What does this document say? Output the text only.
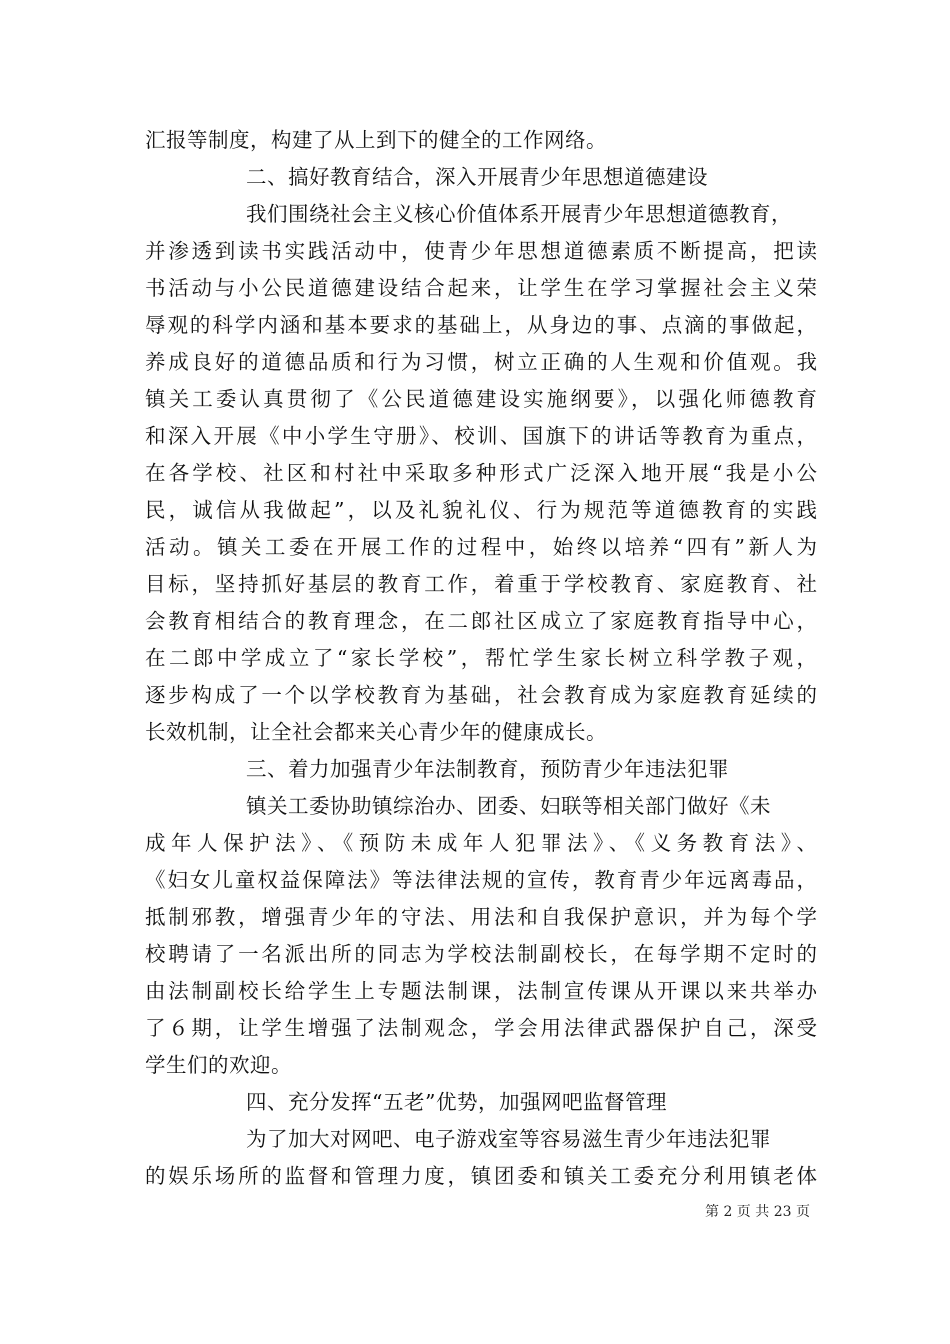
汇报等制度，构建了从上到下的健全的工作网络。
二、搞好教育结合，深入开展青少年思想道德建设
我们围绕社会主义核心价值体系开展青少年思想道德教育，
并渗透到读书实践活动中，使青少年思想道德素质不断提高，把读
书活动与小公民道德建设结合起来，让学生在学习掌握社会主义荣
辱观的科学内涵和基本要求的基础上，从身边的事、点滴的事做起，
养成良好的道德品质和行为习惯，树立正确的人生观和价值观。我
镇关工委认真贯彻了《公民道德建设实施纲要》，以强化师德教育
和深入开展《中小学生守册》、校训、国旗下的讲话等教育为重点，
在各学校、社区和村社中采取多种形式广泛深入地开展“我是小公
民，诚信从我做起”，以及礼貌礼仪、行为规范等道德教育的实践
活动。镇关工委在开展工作的过程中，始终以培养“四有”新人为
目标，坚持抓好基层的教育工作，着重于学校教育、家庭教育、社
会教育相结合的教育理念，在二郎社区成立了家庭教育指导中心，
在二郎中学成立了“家长学校”，帮忙学生家长树立科学教子观，
逐步构成了一个以学校教育为基础，社会教育成为家庭教育延续的
长效机制，让全社会都来关心青少年的健康成长。
三、着力加强青少年法制教育，预防青少年违法犯罪
镇关工委协助镇综治办、团委、妇联等相关部门做好《未
成年人保护法》、《预防未成年人犯罪法》、《义务教育法》、
《妇女儿童权益保障法》等法律法规的宣传，教育青少年远离毒品，
抵制邪教，增强青少年的守法、用法和自我保护意识，并为每个学
校聘请了一名派出所的同志为学校法制副校长，在每学期不定时的
由法制副校长给学生上专题法制课，法制宣传课从开课以来共举办
了６期，让学生增强了法制观念，学会用法律武器保护自己，深受
学生们的欢迎。
四、充分发挥“五老”优势，加强网吧监督管理
为了加大对网吧、电子游戏室等容易滋生青少年违法犯罪
的娱乐场所的监督和管理力度，镇团委和镇关工委充分利用镇老体
第 2 页 共 23 页
